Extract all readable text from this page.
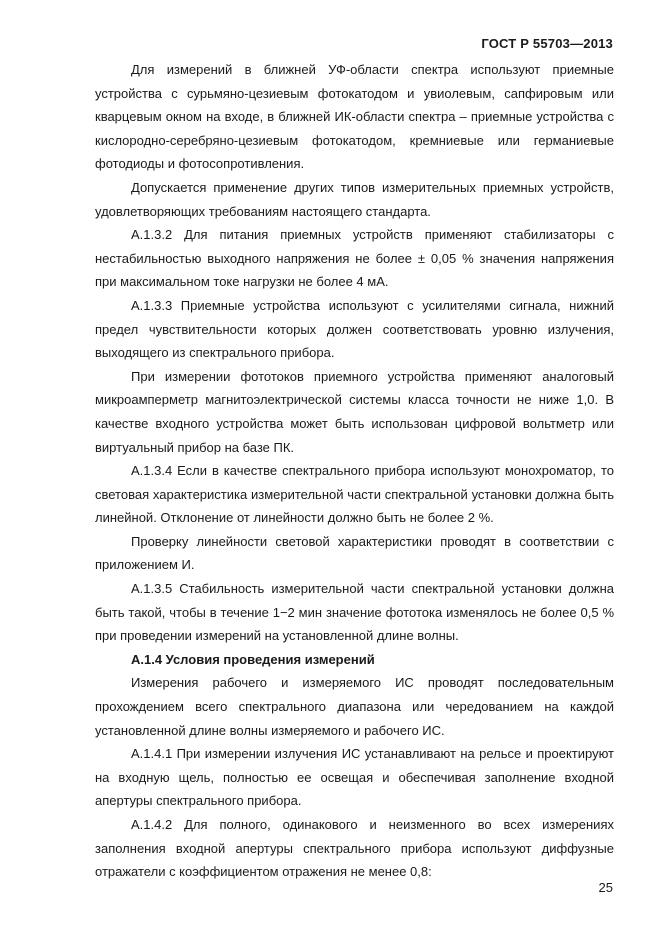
ГОСТ Р 55703—2013

Для измерений в ближней УФ-области спектра используют приемные устройства с сурьмяно-цезиевым фотокатодом и увиолевым, сапфировым или кварцевым окном на входе, в ближней ИК-области спектра – приемные устройства с кислородно-серебряно-цезиевым фотокатодом, кремниевые или германиевые фотодиоды и фотосопротивления.

Допускается применение других типов измерительных приемных устройств, удовлетворяющих требованиям настоящего стандарта.

А.1.3.2 Для питания приемных устройств применяют стабилизаторы с нестабильностью выходного напряжения не более ± 0,05 % значения напряжения при максимальном токе нагрузки не более 4 мА.

А.1.3.3 Приемные устройства используют с усилителями сигнала, нижний предел чувствительности которых должен соответствовать уровню излучения, выходящего из спектрального прибора.

При измерении фототоков приемного устройства применяют аналоговый микроамперметр магнитоэлектрической системы класса точности не ниже 1,0. В качестве входного устройства может быть использован цифровой вольтметр или виртуальный прибор на базе ПК.

А.1.3.4 Если в качестве спектрального прибора используют монохроматор, то световая характеристика измерительной части спектральной установки должна быть линейной. Отклонение от линейности должно быть не более 2 %.

Проверку линейности световой характеристики проводят в соответствии с приложением И.

А.1.3.5 Стабильность измерительной части спектральной установки должна быть такой, чтобы в течение 1−2 мин значение фототока изменялось не более 0,5 % при проведении измерений на установленной длине волны.

А.1.4 Условия проведения измерений

Измерения рабочего и измеряемого ИС проводят последовательным прохождением всего спектрального диапазона или чередованием на каждой установленной длине волны измеряемого и рабочего ИС.

А.1.4.1 При измерении излучения ИС устанавливают на рельсе и проектируют на входную щель, полностью ее освещая и обеспечивая заполнение входной апертуры спектрального прибора.

А.1.4.2 Для полного, одинакового и неизменного во всех измерениях заполнения входной апертуры спектрального прибора используют диффузные отражатели с коэффициентом отражения не менее 0,8:

25
